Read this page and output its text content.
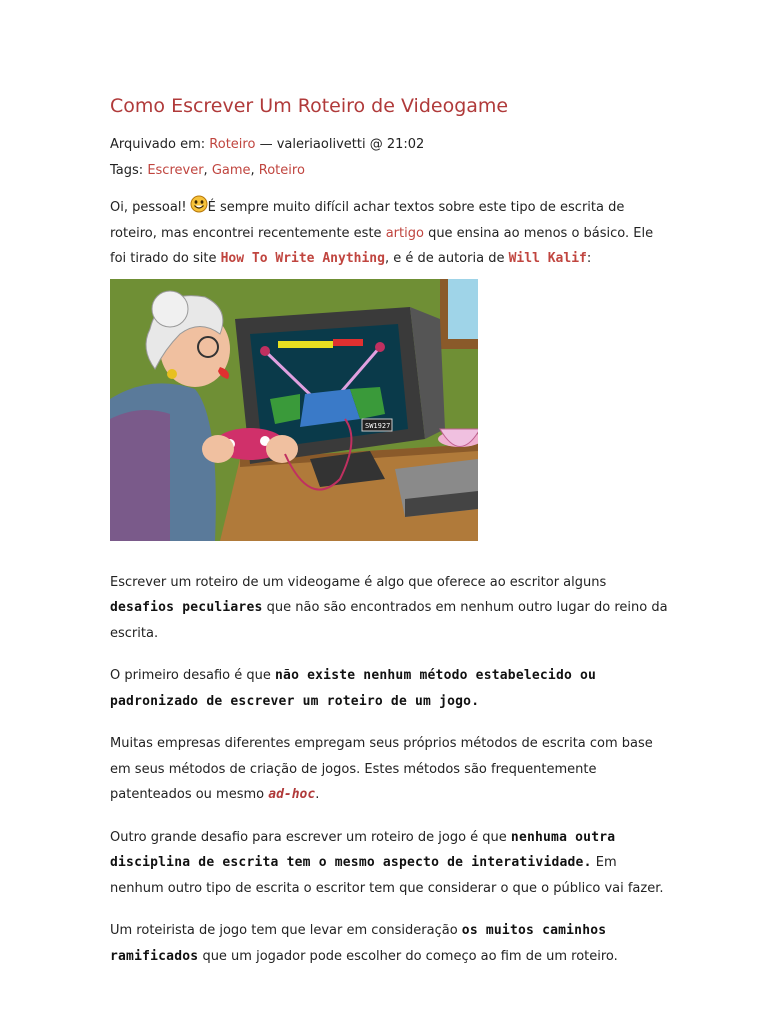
Como Escrever Um Roteiro de Videogame
Arquivado em: Roteiro — valeriaolivetti @ 21:02
Tags: Escrever, Game, Roteiro
Oi, pessoal! É sempre muito difícil achar textos sobre este tipo de escrita de roteiro, mas encontrei recentemente este artigo que ensina ao menos o básico. Ele foi tirado do site How To Write Anything, e é de autoria de Will Kalif:
SW1927
Escrever um roteiro de um videogame é algo que oferece ao escritor alguns desafios peculiares que não são encontrados em nenhum outro lugar do reino da escrita.
O primeiro desafio é que não existe nenhum método estabelecido ou padronizado de escrever um roteiro de um jogo.
Muitas empresas diferentes empregam seus próprios métodos de escrita com base em seus métodos de criação de jogos. Estes métodos são frequentemente patenteados ou mesmo ad-hoc.
Outro grande desafio para escrever um roteiro de jogo é que nenhuma outra disciplina de escrita tem o mesmo aspecto de interatividade. Em nenhum outro tipo de escrita o escritor tem que considerar o que o público vai fazer.
Um roteirista de jogo tem que levar em consideração os muitos caminhos ramificados que um jogador pode escolher do começo ao fim de um roteiro.
